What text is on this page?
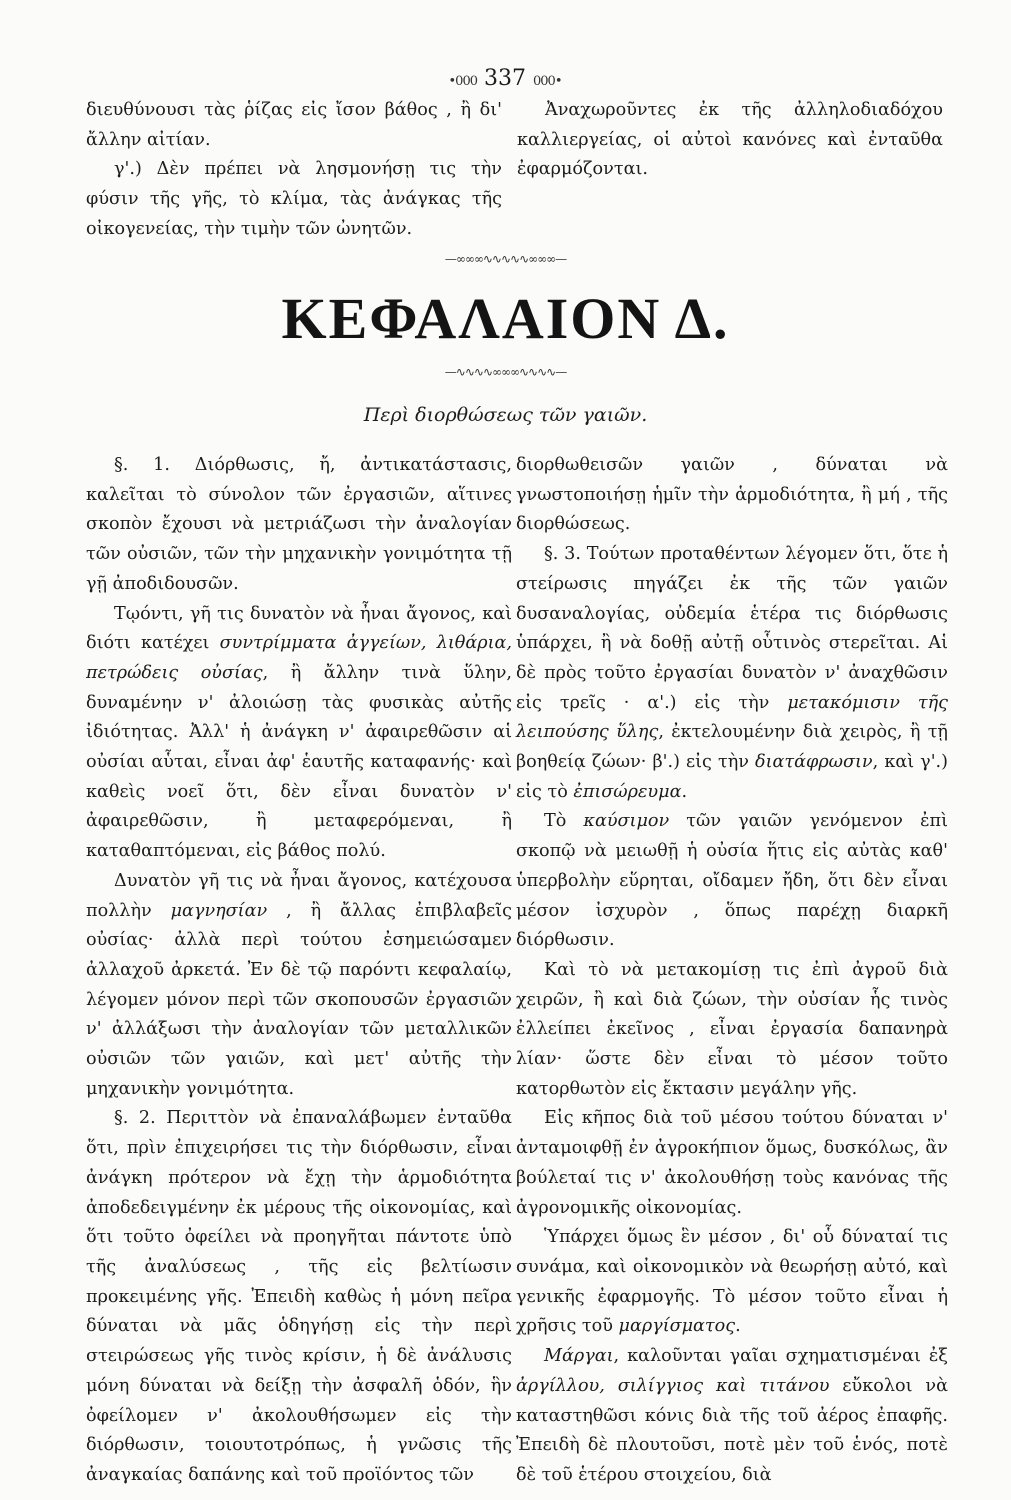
•000 337 000•

διευθύνουσι τὰς ῥίζας εἰς ἴσον βάθος , ἢ δι' ἄλλην αἰτίαν.

γ'.) Δὲν πρέπει νὰ λησμονήσῃ τις τὴν φύσιν τῆς γῆς, τὸ κλίμα, τὰς ἀνάγκας τῆς οἰκογενείας, τὴν τιμὴν τῶν ὠνητῶν.

Ἀναχωροῦντες ἐκ τῆς ἀλληλοδιαδόχου καλλιεργείας, οἱ αὐτοὶ κανόνες καὶ ἐνταῦθα ἐφαρμόζονται.

—∞∞∞∿∿∿∿∿∞∞∞—
ΚΕΦΑΛΑΙΟΝ Δ.
—∿∿∿∿∞∞∞∿∿∿∿—
Περὶ διορθώσεως τῶν γαιῶν.

§. 1. Διόρθωσις, ἤ, ἀντικατάστασις, καλεῖται τὸ σύνολον τῶν ἐργασιῶν, αἵτινες σκοπὸν ἔχουσι νὰ μετριάζωσι τὴν ἀναλογίαν τῶν οὐσιῶν, τῶν τὴν μηχανικὴν γονιμότητα τῇ γῇ ἀποδιδουσῶν.

Τῳόντι, γῆ τις δυνατὸν νὰ ἦναι ἄγονος, καὶ διότι κατέχει συντρίμματα ἀγγείων, λιθάρια, πετρώδεις οὐσίας, ἢ ἄλλην τινὰ ὕλην, δυναμένην ν' ἀλοιώσῃ τὰς φυσικὰς αὐτῆς ἰδιότητας. Ἀλλ' ἡ ἀνάγκη ν' ἀφαιρεθῶσιν αἱ οὐσίαι αὗται, εἶναι ἀφ' ἑαυτῆς καταφανής· καὶ καθεὶς νοεῖ ὅτι, δὲν εἶναι δυνατὸν ν' ἀφαιρεθῶσιν, ἢ μεταφερόμεναι, ἢ καταθαπτόμεναι, εἰς βάθος πολύ.

Δυνατὸν γῆ τις νὰ ἦναι ἄγονος, κατέχουσα πολλὴν μαγνησίαν , ἢ ἄλλας ἐπιβλαβεῖς οὐσίας· ἀλλὰ περὶ τούτου ἐσημειώσαμεν ἀλλαχοῦ ἀρκετά. Ἐν δὲ τῷ παρόντι κεφαλαίῳ, λέγομεν μόνον περὶ τῶν σκοπουσῶν ἐργασιῶν ν' ἀλλάξωσι τὴν ἀναλογίαν τῶν μεταλλικῶν οὐσιῶν τῶν γαιῶν, καὶ μετ' αὐτῆς τὴν μηχανικὴν γονιμότητα.

§. 2. Περιττὸν νὰ ἐπαναλάβωμεν ἐνταῦθα ὅτι, πρὶν ἐπιχειρήσει τις τὴν διόρθωσιν, εἶναι ἀνάγκη πρότερον νὰ ἔχῃ τὴν ἁρμοδιότητα ἀποδεδειγμένην ἐκ μέρους τῆς οἰκονομίας, καὶ ὅτι τοῦτο ὀφείλει νὰ προηγῆται πάντοτε ὑπὸ τῆς ἀναλύσεως , τῆς εἰς βελτίωσιν προκειμένης γῆς. Ἐπειδὴ καθὼς ἡ μόνη πεῖρα δύναται νὰ μᾶς ὁδηγήσῃ εἰς τὴν περὶ στειρώσεως γῆς τινὸς κρίσιν, ἡ δὲ ἀνάλυσις μόνη δύναται νὰ δείξῃ τὴν ἀσφαλῆ ὁδόν, ἣν ὀφείλομεν ν' ἀκολουθήσωμεν εἰς τὴν διόρθωσιν, τοιουτοτρόπως, ἡ γνῶσις τῆς ἀναγκαίας δαπάνης καὶ τοῦ προϊόντος τῶν

διορθωθεισῶν γαιῶν , δύναται νὰ γνωστοποιήσῃ ἡμῖν τὴν ἁρμοδιότητα, ἢ μή , τῆς διορθώσεως.

§. 3. Τούτων προταθέντων λέγομεν ὅτι, ὅτε ἡ στείρωσις πηγάζει ἐκ τῆς τῶν γαιῶν δυσαναλογίας, οὐδεμία ἑτέρα τις διόρθωσις ὑπάρχει, ἢ νὰ δοθῇ αὐτῇ οὗτινὸς στερεῖται. Αἱ δὲ πρὸς τοῦτο ἐργασίαι δυνατὸν ν' ἀναχθῶσιν εἰς τρεῖς · α'.) εἰς τὴν μετακόμισιν τῆς λειπούσης ὕλης, ἐκτελουμένην διὰ χειρὸς, ἢ τῇ βοηθείᾳ ζώων· β'.) εἰς τὴν διατάφρωσιν, καὶ γ'.) εἰς τὸ ἐπισώρευμα.

Τὸ καύσιμον τῶν γαιῶν γενόμενον ἐπὶ σκοπῷ νὰ μειωθῇ ἡ οὐσία ἥτις εἰς αὐτὰς καθ' ὑπερβολὴν εὕρηται, οἴδαμεν ἤδη, ὅτι δὲν εἶναι μέσον ἰσχυρὸν , ὅπως παρέχῃ διαρκῆ διόρθωσιν.

Καὶ τὸ νὰ μετακομίσῃ τις ἐπὶ ἀγροῦ διὰ χειρῶν, ἢ καὶ διὰ ζώων, τὴν οὐσίαν ἧς τινὸς ἐλλείπει ἐκεῖνος , εἶναι ἐργασία δαπανηρὰ λίαν· ὥστε δὲν εἶναι τὸ μέσον τοῦτο κατορθωτὸν εἰς ἔκτασιν μεγάλην γῆς.

Εἰς κῆπος διὰ τοῦ μέσου τούτου δύναται ν' ἀνταμοιφθῇ ἐν ἀγροκήπιον ὅμως, δυσκόλως, ἂν βούλεταί τις ν' ἀκολουθήσῃ τοὺς κανόνας τῆς ἀγρονομικῆς οἰκονομίας.

Ὑπάρχει ὅμως ἓν μέσον , δι' οὗ δύναταί τις συνάμα, καὶ οἰκονομικὸν νὰ θεωρήσῃ αὐτό, καὶ γενικῆς ἐφαρμογῆς. Τὸ μέσον τοῦτο εἶναι ἡ χρῆσις τοῦ μαργίσματος.

Μάργαι, καλοῦνται γαῖαι σχηματισμέναι ἐξ ἀργίλλου, σιλίγγιος καὶ τιτάνου εὔκολοι νὰ καταστηθῶσι κόνις διὰ τῆς τοῦ ἀέρος ἐπαφῆς. Ἐπειδὴ δὲ πλουτοῦσι, ποτὲ μὲν τοῦ ἑνός, ποτὲ δὲ τοῦ ἑτέρου στοιχείου, διὰ
